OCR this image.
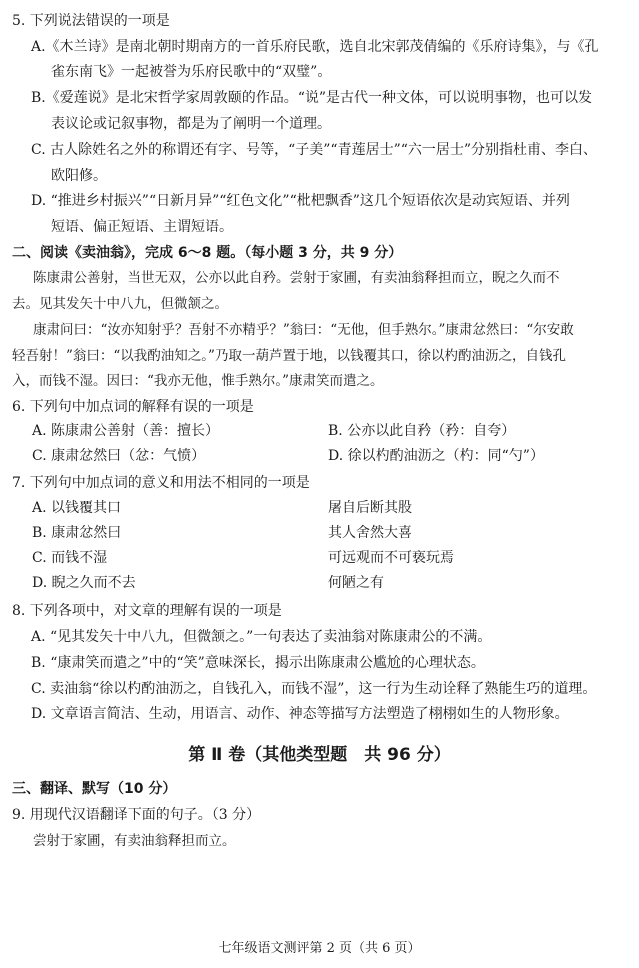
5. 下列说法错误的一项是
A.《木兰诗》是南北朝时期南方的一首乐府民歌，选自北宋郭茂倩编的《乐府诗集》，与《孔
雀东南飞》一起被誉为乐府民歌中的“双璧”。
B.《爱莲说》是北宋哲学家周敦颐的作品。“说”是古代一种文体，可以说明事物，也可以发
表议论或记叙事物，都是为了阐明一个道理。
C. 古人除姓名之外的称谓还有字、号等，“子美”“青莲居士”“六一居士”分别指杜甫、李白、
欧阳修。
D. “推进乡村振兴”“日新月异”“红色文化”“枇杷飘香”这几个短语依次是动宾短语、并列
短语、偏正短语、主谓短语。
二、阅读《卖油翁》，完成 6～8 题。（每小题 3 分，共 9 分）
陈康肃公善射，当世无双，公亦以此自矜。尝射于家圃，有卖油翁释担而立，睨之久而不
去。见其发矢十中八九，但微颔之。
康肃问曰：“汝亦知射乎？吾射不亦精乎？”翁曰：“无他，但手熟尔。”康肃忿然曰：“尔安敢
轻吾射！”翁曰：“以我酌油知之。”乃取一葫芦置于地，以钱覆其口，徐以杓酌油沥之，自钱孔
入，而钱不湿。因曰：“我亦无他，惟手熟尔。”康肃笑而遣之。
6. 下列句中加点词的解释有误的一项是
A. 陈康肃公善射（善：擅长）	B. 公亦以此自矜（矜：自夸）
C. 康肃忿然曰（忿：气愤）	D. 徐以杓酌油沥之（杓：同“勺”）
7. 下列句中加点词的意义和用法不相同的一项是
A. 以钱覆其口	屠自后断其股
B. 康肃忿然曰	其人舍然大喜
C. 而钱不湿	可远观而不可亵玩焉
D. 睨之久而不去	何陋之有
8. 下列各项中，对文章的理解有误的一项是
A. “见其发矢十中八九，但微颔之。”一句表达了卖油翁对陈康肃公的不满。
B. “康肃笑而遣之”中的“笑”意味深长，揭示出陈康肃公尴尬的心理状态。
C. 卖油翁“徐以杓酌油沥之，自钱孔入，而钱不湿”，这一行为生动诠释了熟能生巧的道理。
D. 文章语言简洁、生动，用语言、动作、神态等描写方法塑造了栩栩如生的人物形象。
第 Ⅱ 卷（其他类型题　共 96 分）
三、翻译、默写（10 分）
9. 用现代汉语翻译下面的句子。（3 分）
尝射于家圃，有卖油翁释担而立。
七年级语文测评第 2 页（共 6 页）
